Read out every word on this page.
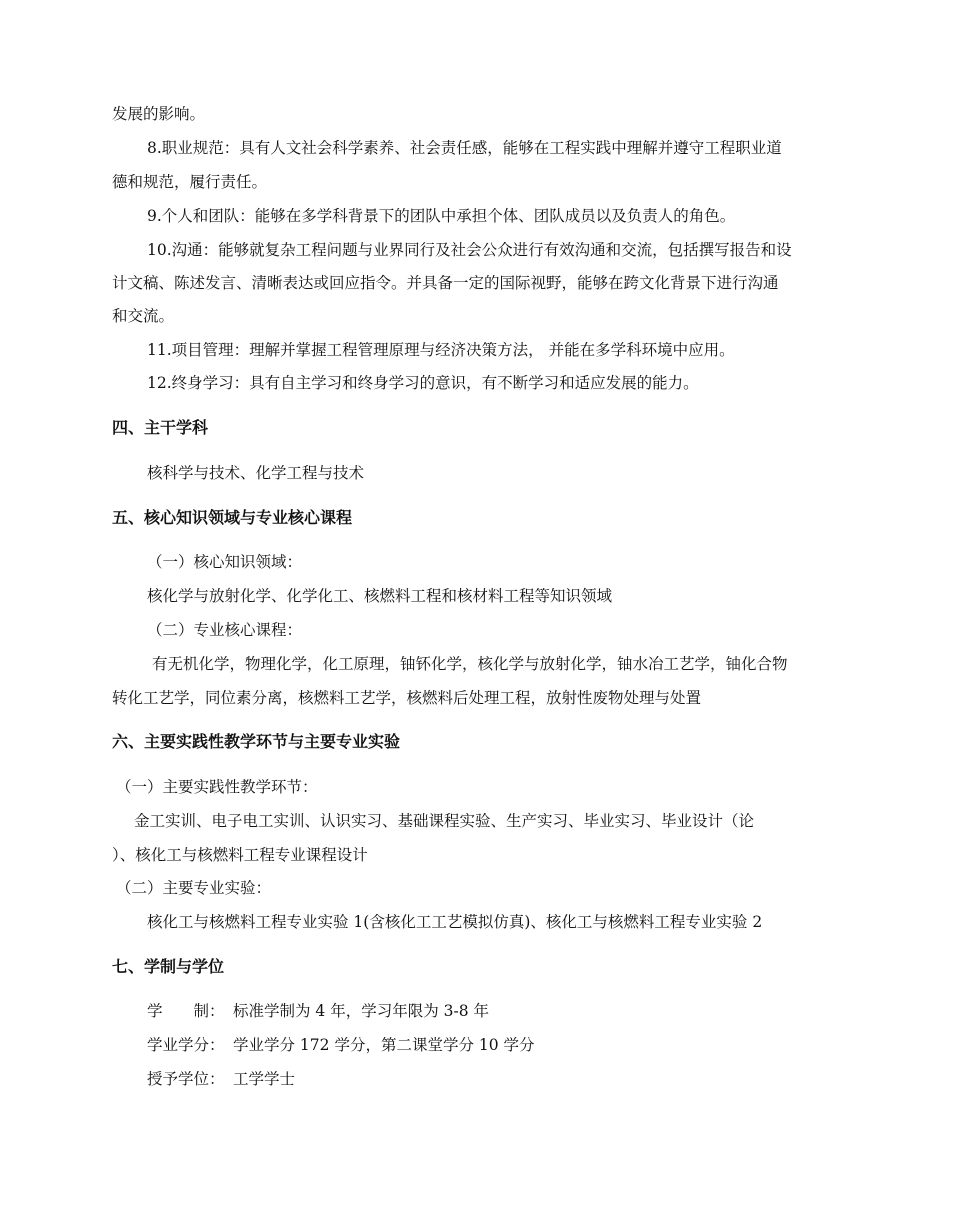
发展的影响。

8.职业规范：具有人文社会科学素养、社会责任感，能够在工程实践中理解并遵守工程职业道

德和规范，履行责任。

9.个人和团队：能够在多学科背景下的团队中承担个体、团队成员以及负责人的角色。

10.沟通：能够就复杂工程问题与业界同行及社会公众进行有效沟通和交流，包括撰写报告和设

计文稿、陈述发言、清晰表达或回应指令。并具备一定的国际视野，能够在跨文化背景下进行沟通

和交流。

11.项目管理：理解并掌握工程管理原理与经济决策方法， 并能在多学科环境中应用。

12.终身学习：具有自主学习和终身学习的意识，有不断学习和适应发展的能力。

四、主干学科

核科学与技术、化学工程与技术

五、核心知识领域与专业核心课程

（一）核心知识领域：

核化学与放射化学、化学化工、核燃料工程和核材料工程等知识领域

（二）专业核心课程：

有无机化学，物理化学，化工原理，铀钚化学，核化学与放射化学，铀水冶工艺学，铀化合物

转化工艺学，同位素分离，核燃料工艺学，核燃料后处理工程，放射性废物处理与处置

六、主要实践性教学环节与主要专业实验

（一）主要实践性教学环节：

金工实训、电子电工实训、认识实习、基础课程实验、生产实习、毕业实习、毕业设计（论

）、核化工与核燃料工程专业课程设计

（二）主要专业实验：

核化工与核燃料工程专业实验 1(含核化工工艺模拟仿真)、核化工与核燃料工程专业实验 2

七、学制与学位

学　　制： 标准学制为 4 年，学习年限为 3-8 年

学业学分： 学业学分 172 学分，第二课堂学分 10 学分

授予学位： 工学学士
